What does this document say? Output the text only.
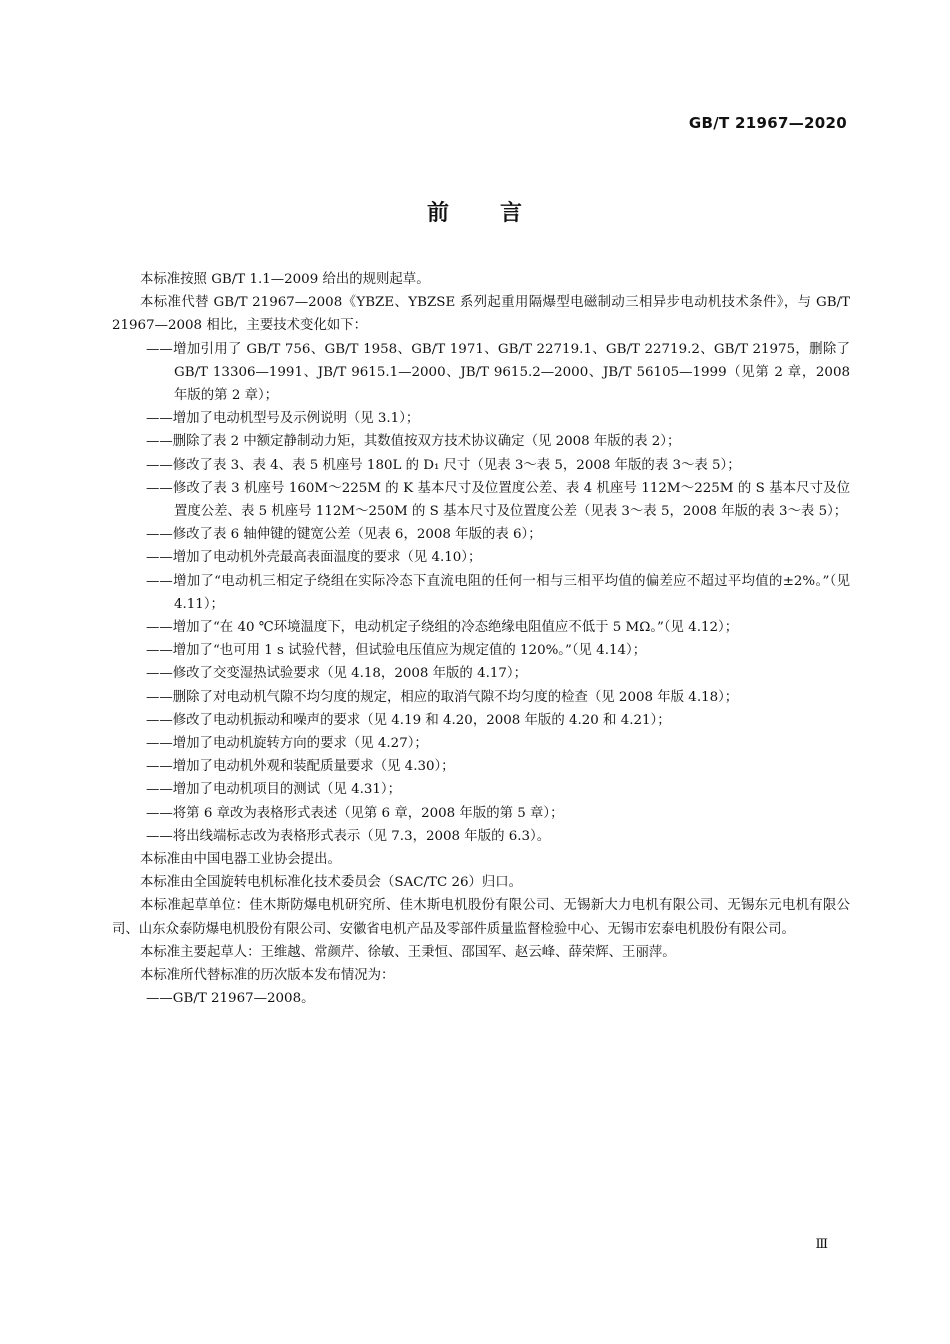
GB/T 21967—2020
前 言

本标准按照 GB/T 1.1—2009 给出的规则起草。

本标准代替 GB/T 21967—2008《YBZE、YBZSE 系列起重用隔爆型电磁制动三相异步电动机技术条件》，与 GB/T 21967—2008 相比，主要技术变化如下：

——增加引用了 GB/T 756、GB/T 1958、GB/T 1971、GB/T 22719.1、GB/T 22719.2、GB/T 21975，删除了 GB/T 13306—1991、JB/T 9615.1—2000、JB/T 9615.2—2000、JB/T 56105—1999（见第 2 章，2008 年版的第 2 章）；

——增加了电动机型号及示例说明（见 3.1）；

——删除了表 2 中额定静制动力矩，其数值按双方技术协议确定（见 2008 年版的表 2）；

——修改了表 3、表 4、表 5 机座号 180L 的 D₁ 尺寸（见表 3～表 5，2008 年版的表 3～表 5）；

——修改了表 3 机座号 160M～225M 的 K 基本尺寸及位置度公差、表 4 机座号 112M～225M 的 S 基本尺寸及位置度公差、表 5 机座号 112M～250M 的 S 基本尺寸及位置度公差（见表 3～表 5，2008 年版的表 3～表 5）；

——修改了表 6 轴伸键的键宽公差（见表 6，2008 年版的表 6）；

——增加了电动机外壳最高表面温度的要求（见 4.10）；

——增加了“电动机三相定子绕组在实际冷态下直流电阻的任何一相与三相平均值的偏差应不超过平均值的±2%。”（见 4.11）；

——增加了“在 40 ℃环境温度下，电动机定子绕组的冷态绝缘电阻值应不低于 5 MΩ。”（见 4.12）；

——增加了“也可用 1 s 试验代替，但试验电压值应为规定值的 120%。”（见 4.14）；

——修改了交变湿热试验要求（见 4.18，2008 年版的 4.17）；

——删除了对电动机气隙不均匀度的规定，相应的取消气隙不均匀度的检查（见 2008 年版 4.18）；

——修改了电动机振动和噪声的要求（见 4.19 和 4.20，2008 年版的 4.20 和 4.21）；

——增加了电动机旋转方向的要求（见 4.27）；

——增加了电动机外观和装配质量要求（见 4.30）；

——增加了电动机项目的测试（见 4.31）；

——将第 6 章改为表格形式表述（见第 6 章，2008 年版的第 5 章）；

——将出线端标志改为表格形式表示（见 7.3，2008 年版的 6.3）。

本标准由中国电器工业协会提出。

本标准由全国旋转电机标准化技术委员会（SAC/TC 26）归口。

本标准起草单位：佳木斯防爆电机研究所、佳木斯电机股份有限公司、无锡新大力电机有限公司、无锡东元电机有限公司、山东众泰防爆电机股份有限公司、安徽省电机产品及零部件质量监督检验中心、无锡市宏泰电机股份有限公司。

本标准主要起草人：王维越、常颜芹、徐敏、王秉恒、邵国军、赵云峰、薛荣辉、王丽萍。

本标准所代替标准的历次版本发布情况为：

——GB/T 21967—2008。

Ⅲ
